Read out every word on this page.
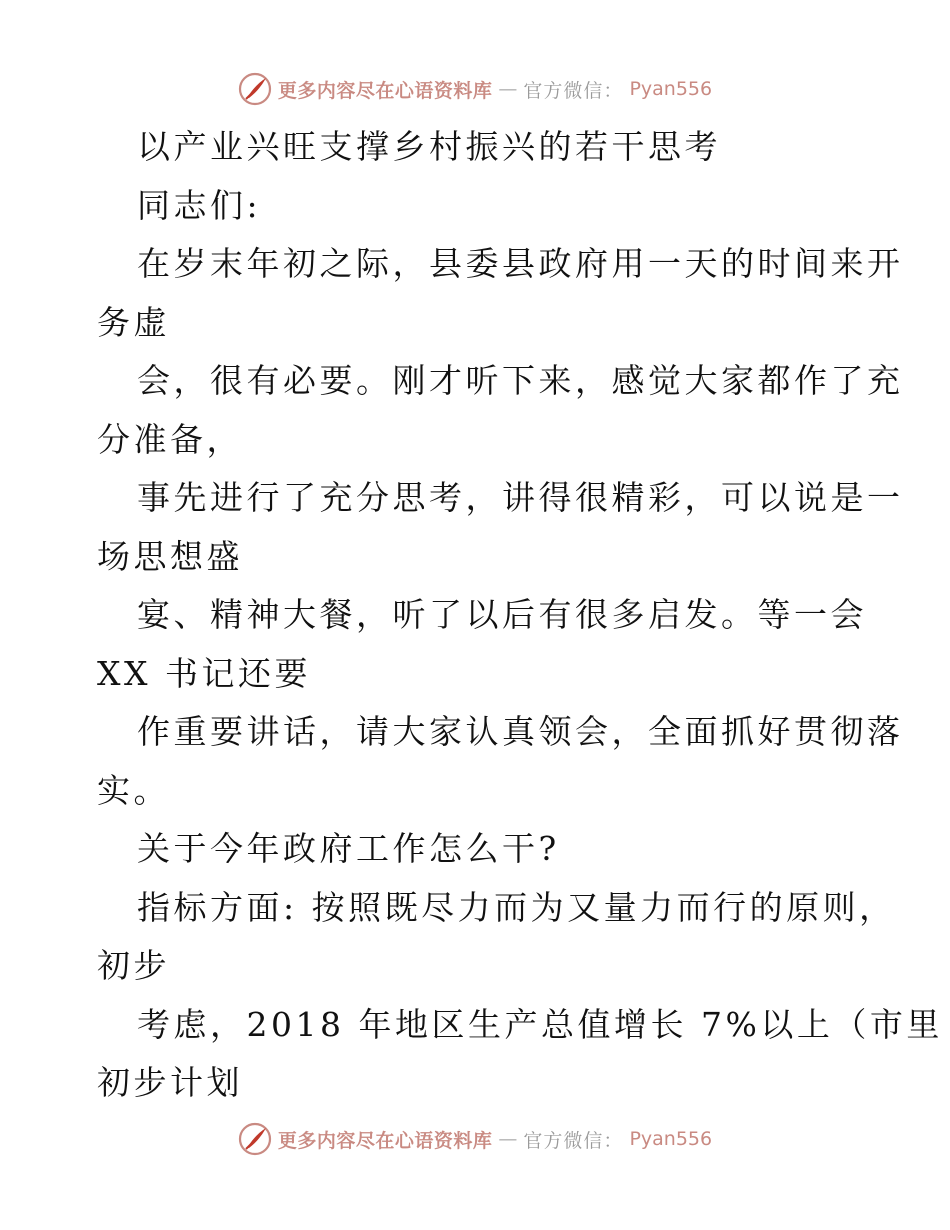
更多内容尽在心语资料库 — 官方微信： Pyan556
以产业兴旺支撑乡村振兴的若干思考
同志们:
在岁末年初之际，县委县政府用一天的时间来开
务虚
会，很有必要。刚才听下来，感觉大家都作了充
分准备，
事先进行了充分思考，讲得很精彩，可以说是一
场思想盛
宴、精神大餐，听了以后有很多启发。等一会
XX 书记还要
作重要讲话，请大家认真领会，全面抓好贯彻落
实。
关于今年政府工作怎么干?
指标方面: 按照既尽力而为又量力而行的原则，
初步
考虑，2018 年地区生产总值增长 7%以上（市里
初步计划
更多内容尽在心语资料库 — 官方微信： Pyan556
